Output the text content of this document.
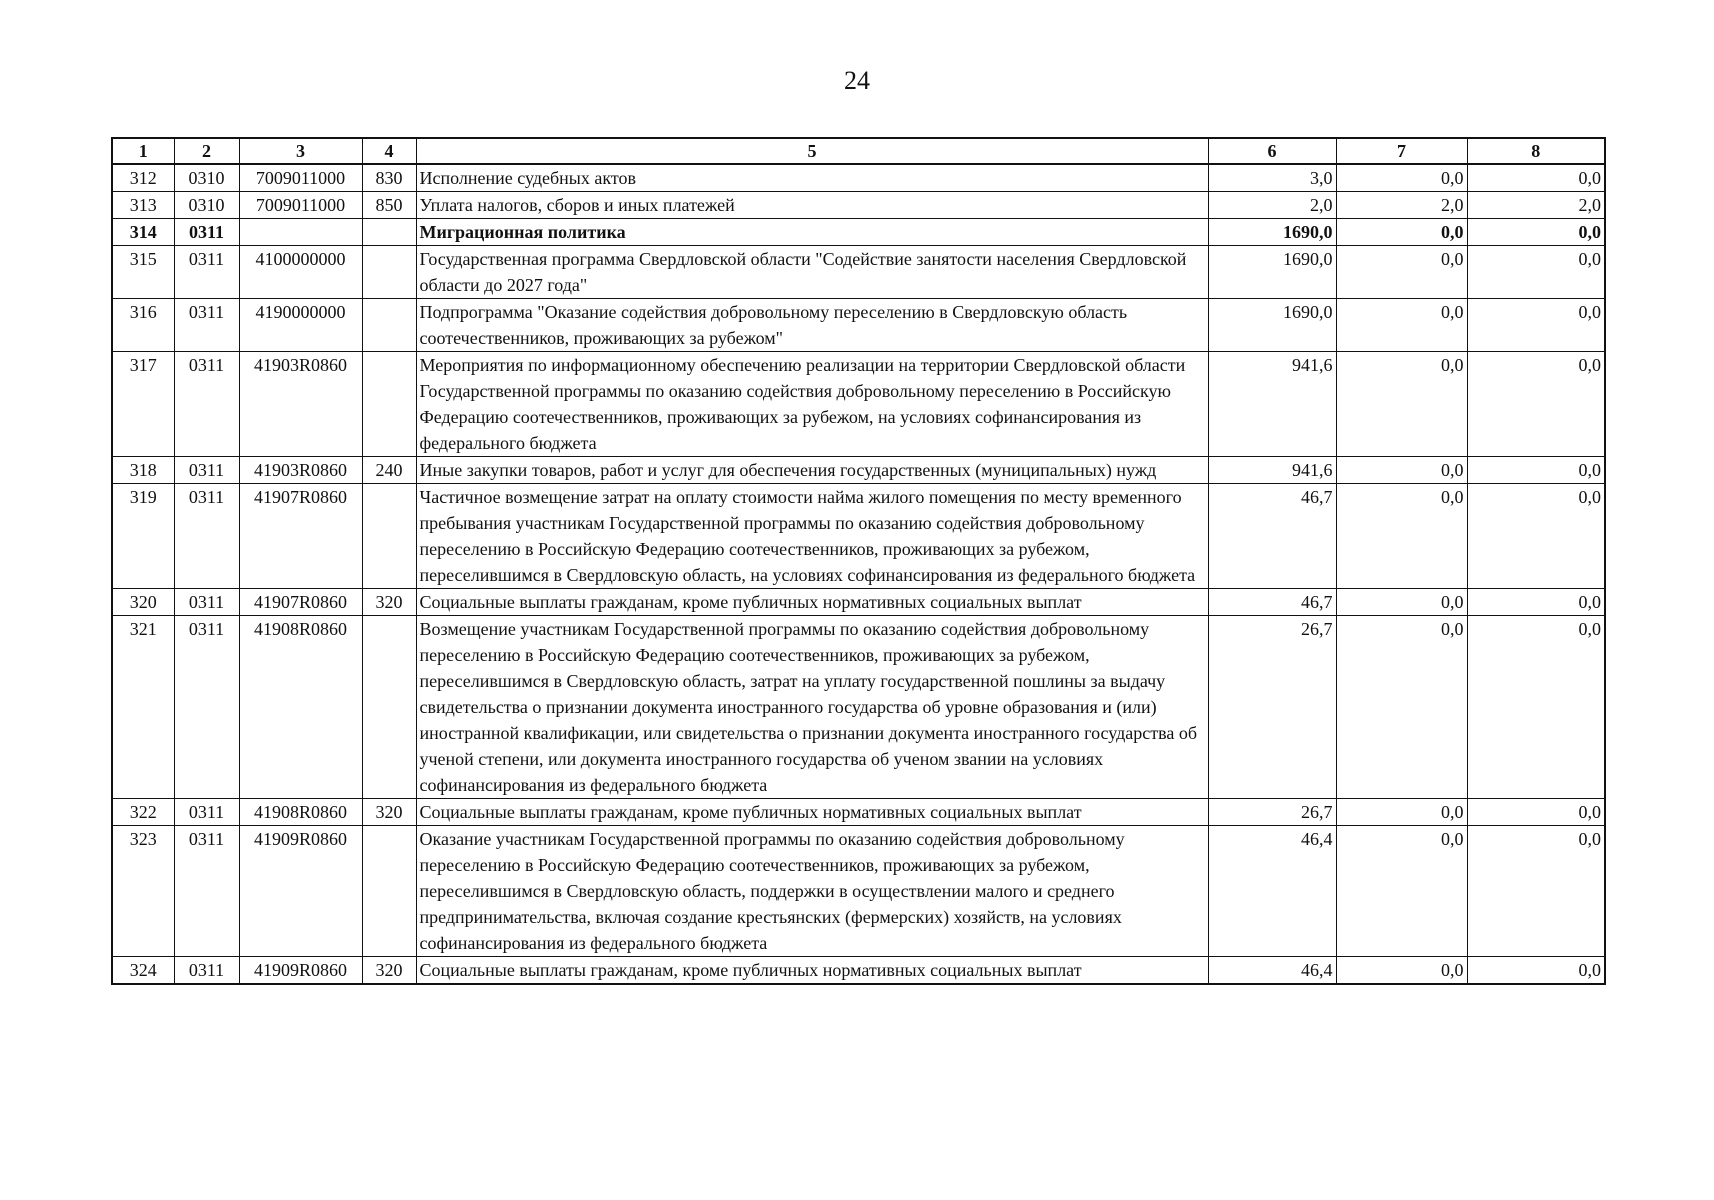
24
1	2	3	4	5	6	7	8
312	0310	7009011000	830	Исполнение судебных актов	3,0	0,0	0,0
313	0310	7009011000	850	Уплата налогов, сборов и иных платежей	2,0	2,0	2,0
314	0311			Миграционная политика	1690,0	0,0	0,0
315	0311	4100000000		Государственная программа Свердловской области "Содействие занятости населения Свердловской области до 2027 года"	1690,0	0,0	0,0
316	0311	4190000000		Подпрограмма "Оказание содействия добровольному переселению в Свердловскую область соотечественников, проживающих за рубежом"	1690,0	0,0	0,0
317	0311	41903R0860		Мероприятия по информационному обеспечению реализации на территории Свердловской области Государственной программы по оказанию содействия добровольному переселению в Российскую Федерацию соотечественников, проживающих за рубежом, на условиях софинансирования из федерального бюджета	941,6	0,0	0,0
318	0311	41903R0860	240	Иные закупки товаров, работ и услуг для обеспечения государственных (муниципальных) нужд	941,6	0,0	0,0
319	0311	41907R0860		Частичное возмещение затрат на оплату стоимости найма жилого помещения по месту временного пребывания участникам Государственной программы по оказанию содействия добровольному переселению в Российскую Федерацию соотечественников, проживающих за рубежом, переселившимся в Свердловскую область, на условиях софинансирования из федерального бюджета	46,7	0,0	0,0
320	0311	41907R0860	320	Социальные выплаты гражданам, кроме публичных нормативных социальных выплат	46,7	0,0	0,0
321	0311	41908R0860		Возмещение участникам Государственной программы по оказанию содействия добровольному переселению в Российскую Федерацию соотечественников, проживающих за рубежом, переселившимся в Свердловскую область, затрат на уплату государственной пошлины за выдачу свидетельства о признании документа иностранного государства об уровне образования и (или) иностранной квалификации, или свидетельства о признании документа иностранного государства об ученой степени, или документа иностранного государства об ученом звании на условиях софинансирования из федерального бюджета	26,7	0,0	0,0
322	0311	41908R0860	320	Социальные выплаты гражданам, кроме публичных нормативных социальных выплат	26,7	0,0	0,0
323	0311	41909R0860		Оказание участникам Государственной программы по оказанию содействия добровольному переселению в Российскую Федерацию соотечественников, проживающих за рубежом, переселившимся в Свердловскую область, поддержки в осуществлении малого и среднего предпринимательства, включая создание крестьянских (фермерских) хозяйств, на условиях софинансирования из федерального бюджета	46,4	0,0	0,0
324	0311	41909R0860	320	Социальные выплаты гражданам, кроме публичных нормативных социальных выплат	46,4	0,0	0,0
